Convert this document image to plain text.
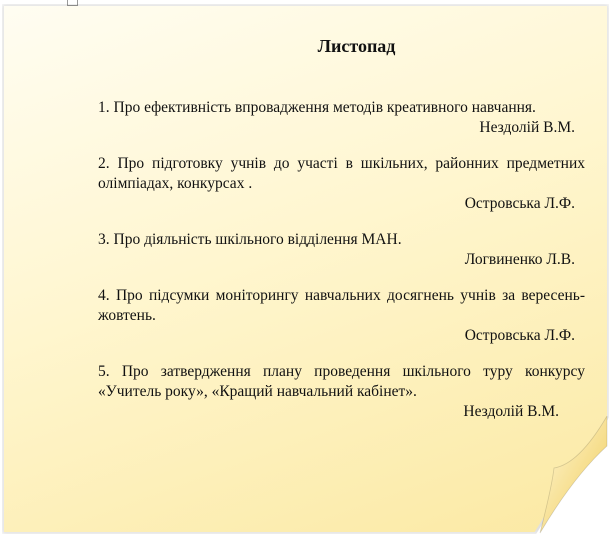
Листопад
1. Про ефективність впровадження методів креативного навчання.
Нездолій В.М.
2. Про підготовку учнів до участі в шкільних, районних предметних олімпіадах, конкурсах .
Островська Л.Ф.
3. Про діяльність шкільного відділення МАН.
Логвиненко Л.В.
4. Про підсумки моніторингу навчальних досягнень учнів за вересень-жовтень.
Островська Л.Ф.
5. Про затвердження плану проведення шкільного туру конкурсу «Учитель року», «Кращий навчальний кабінет».
Нездолій В.М.
